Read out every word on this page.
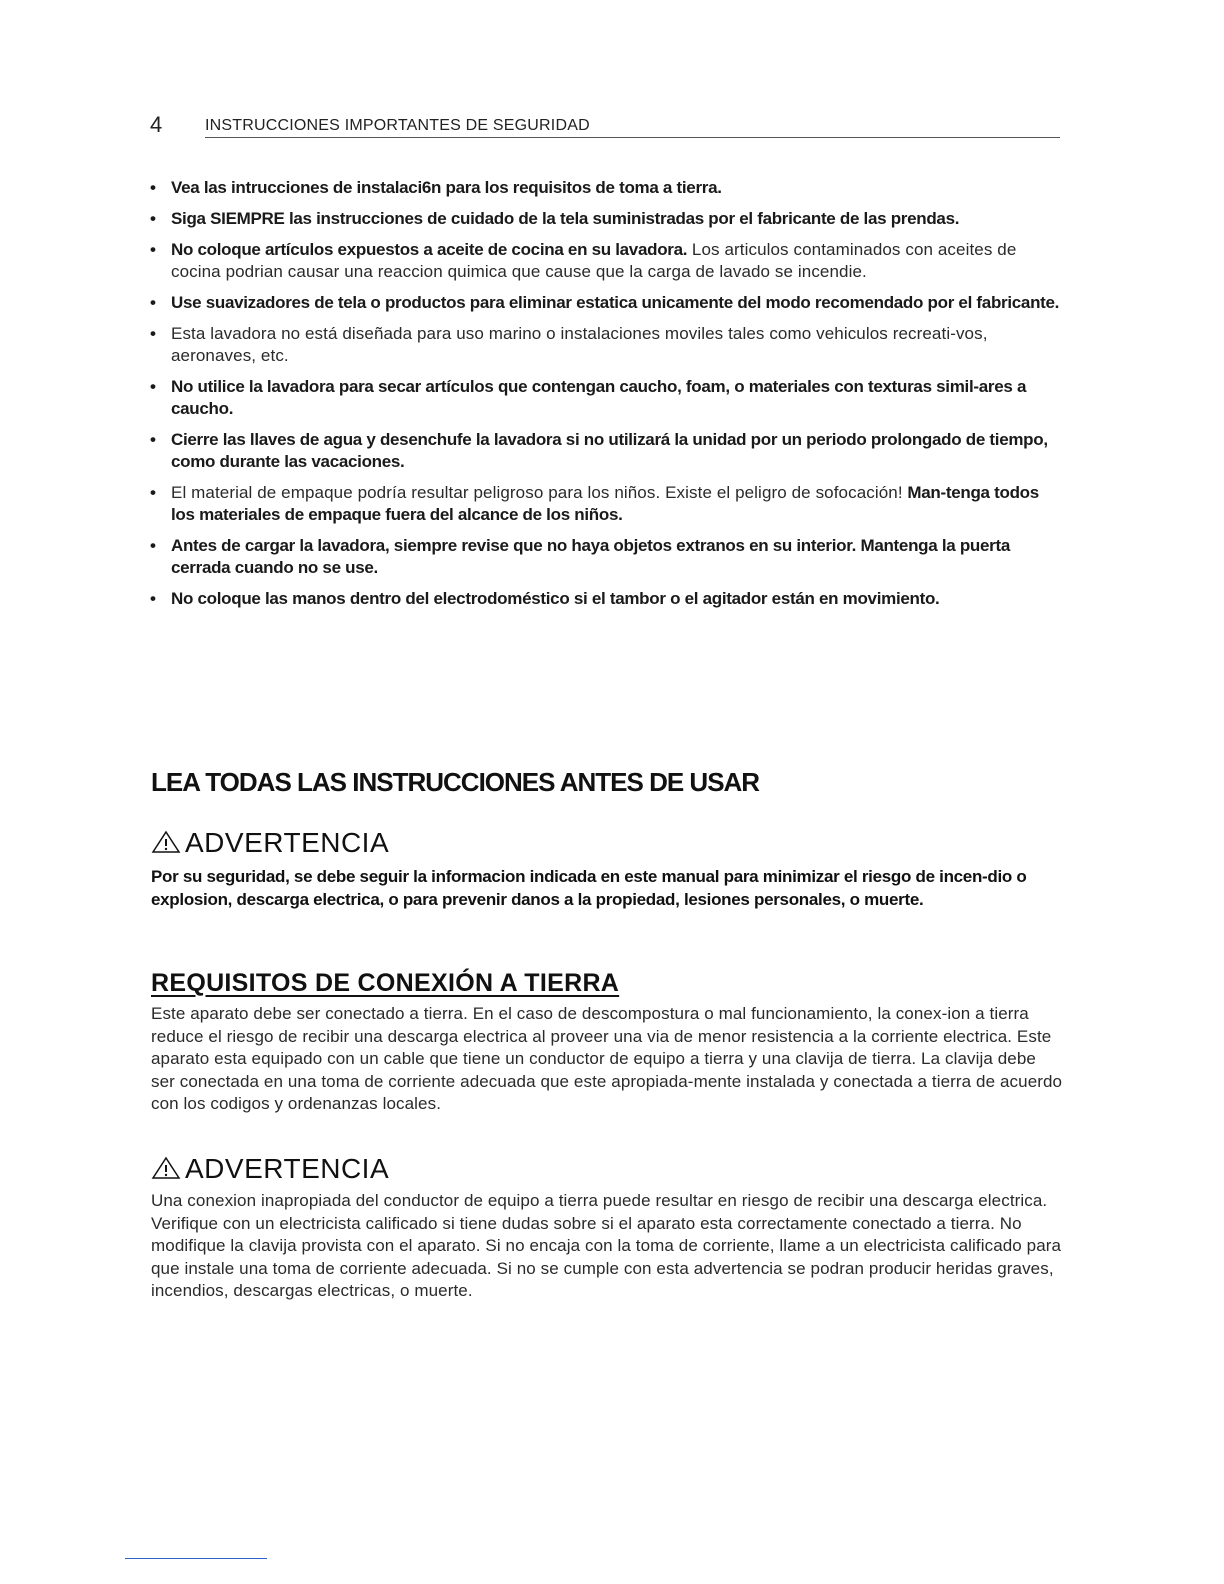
4	INSTRUCCIONES IMPORTANTES DE SEGURIDAD
• Vea las intrucciones de instalaci6n para los requisitos de toma a tierra.
• Siga SIEMPRE las instrucciones de cuidado de la tela suministradas por el fabricante de las prendas.
• No coloque artículos expuestos a aceite de cocina en su lavadora. Los articulos contaminados con aceites de cocina podrian causar una reaccion quimica que cause que la carga de lavado se incendie.
• Use suavizadores de tela o productos para eliminar estatica unicamente del modo recomendado por el fabricante.
• Esta lavadora no está diseñada para uso marino o instalaciones moviles tales como vehiculos recreati-vos, aeronaves, etc.
• No utilice la lavadora para secar artículos que contengan caucho, foam, o materiales con texturas simil-ares a caucho.
• Cierre las llaves de agua y desenchufe la lavadora si no utilizará la unidad por un periodo prolongado de tiempo, como durante las vacaciones.
• El material de empaque podría resultar peligroso para los niños. Existe el peligro de sofocación! Man-tenga todos los materiales de empaque fuera del alcance de los niños.
• Antes de cargar la lavadora, siempre revise que no haya objetos extranos en su interior. Mantenga la puerta cerrada cuando no se use.
• No coloque las manos dentro del electrodoméstico si el tambor o el agitador están en movimiento.
LEA TODAS LAS INSTRUCCIONES ANTES DE USAR
ADVERTENCIA

Por su seguridad, se debe seguir la informacion indicada en este manual para minimizar el riesgo de incen-dio o explosion, descarga electrica, o para prevenir danos a la propiedad, lesiones personales, o muerte.

REQUISITOS DE CONEXIÓN A TIERRA

Este aparato debe ser conectado a tierra. En el caso de descompostura o mal funcionamiento, la conex-ion a tierra reduce el riesgo de recibir una descarga electrica al proveer una via de menor resistencia a la corriente electrica. Este aparato esta equipado con un cable que tiene un conductor de equipo a tierra y una clavija de tierra. La clavija debe ser conectada en una toma de corriente adecuada que este apropiada-mente instalada y conectada a tierra de acuerdo con los codigos y ordenanzas locales.

ADVERTENCIA

Una conexion inapropiada del conductor de equipo a tierra puede resultar en riesgo de recibir una descarga electrica. Verifique con un electricista calificado si tiene dudas sobre si el aparato esta correctamente conectado a tierra. No modifique la clavija provista con el aparato. Si no encaja con la toma de corriente, llame a un electricista calificado para que instale una toma de corriente adecuada. Si no se cumple con esta advertencia se podran producir heridas graves, incendios, descargas electricas, o muerte.
